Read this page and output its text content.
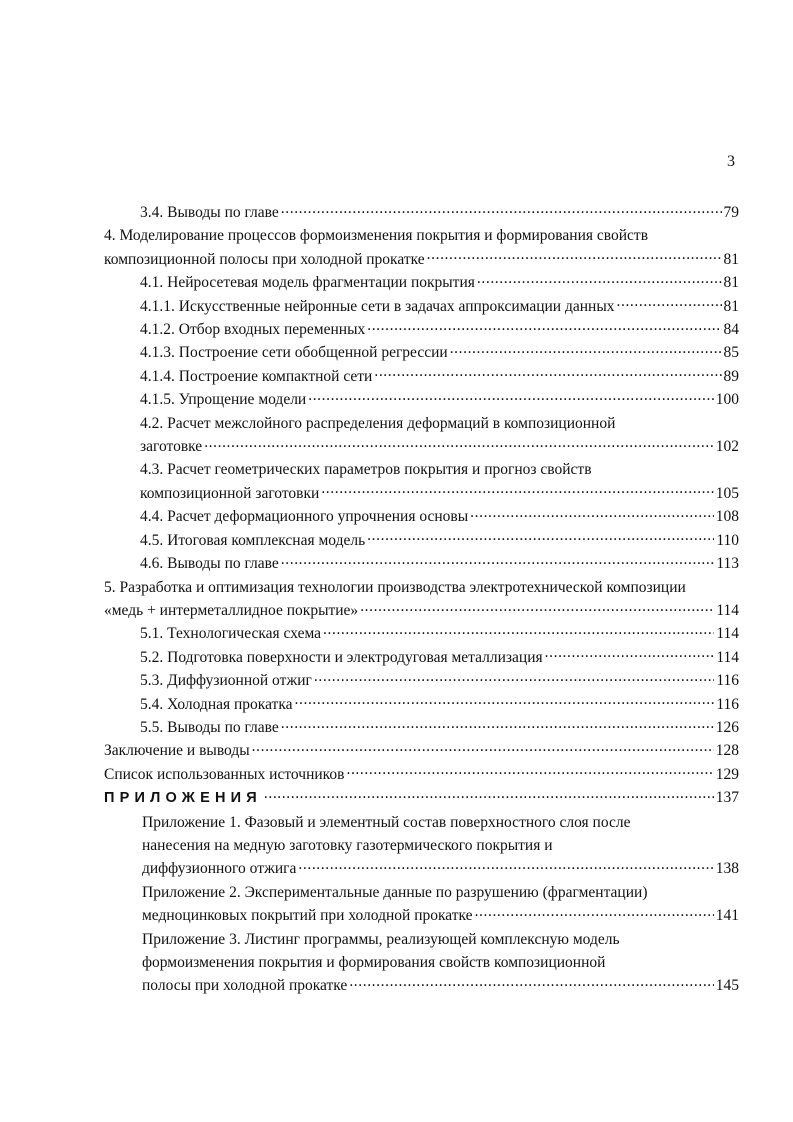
3
3.4. Выводы по главе .....	79
4. Моделирование процессов формоизменения покрытия и формирования свойств
композиционной полосы при холодной прокатке .....	81
4.1. Нейросетевая модель фрагментации покрытия .....	81
4.1.1. Искусственные нейронные сети в задачах аппроксимации данных .....	81
4.1.2. Отбор входных переменных .....	84
4.1.3. Построение сети обобщенной регрессии .....	85
4.1.4. Построение компактной сети .....	89
4.1.5. Упрощение модели .....	100
4.2. Расчет межслойного распределения деформаций в композиционной
заготовке .....	102
4.3. Расчет геометрических параметров покрытия и прогноз свойств
композиционной заготовки .....	105
4.4. Расчет деформационного упрочнения основы .....	108
4.5. Итоговая комплексная модель .....	110
4.6. Выводы по главе .....	113
5. Разработка и оптимизация технологии производства электротехнической композиции
«медь + интерметаллидное покрытие» .....	114
5.1. Технологическая схема .....	114
5.2. Подготовка поверхности и электродуговая металлизация .....	114
5.3. Диффузионной отжиг .....	116
5.4. Холодная прокатка .....	116
5.5. Выводы по главе .....	126
Заключение и выводы .....	128
Список использованных источников .....	129
ПРИЛОЖЕНИЯ .....	137
Приложение 1. Фазовый и элементный состав поверхностного слоя после
нанесения на медную заготовку газотермического покрытия и
диффузионного отжига .....	138
Приложение 2. Экспериментальные данные по разрушению (фрагментации)
медноцинковых покрытий при холодной прокатке .....	141
Приложение 3. Листинг программы, реализующей комплексную модель
формоизменения покрытия и формирования свойств композиционной
полосы при холодной прокатке .....	145
